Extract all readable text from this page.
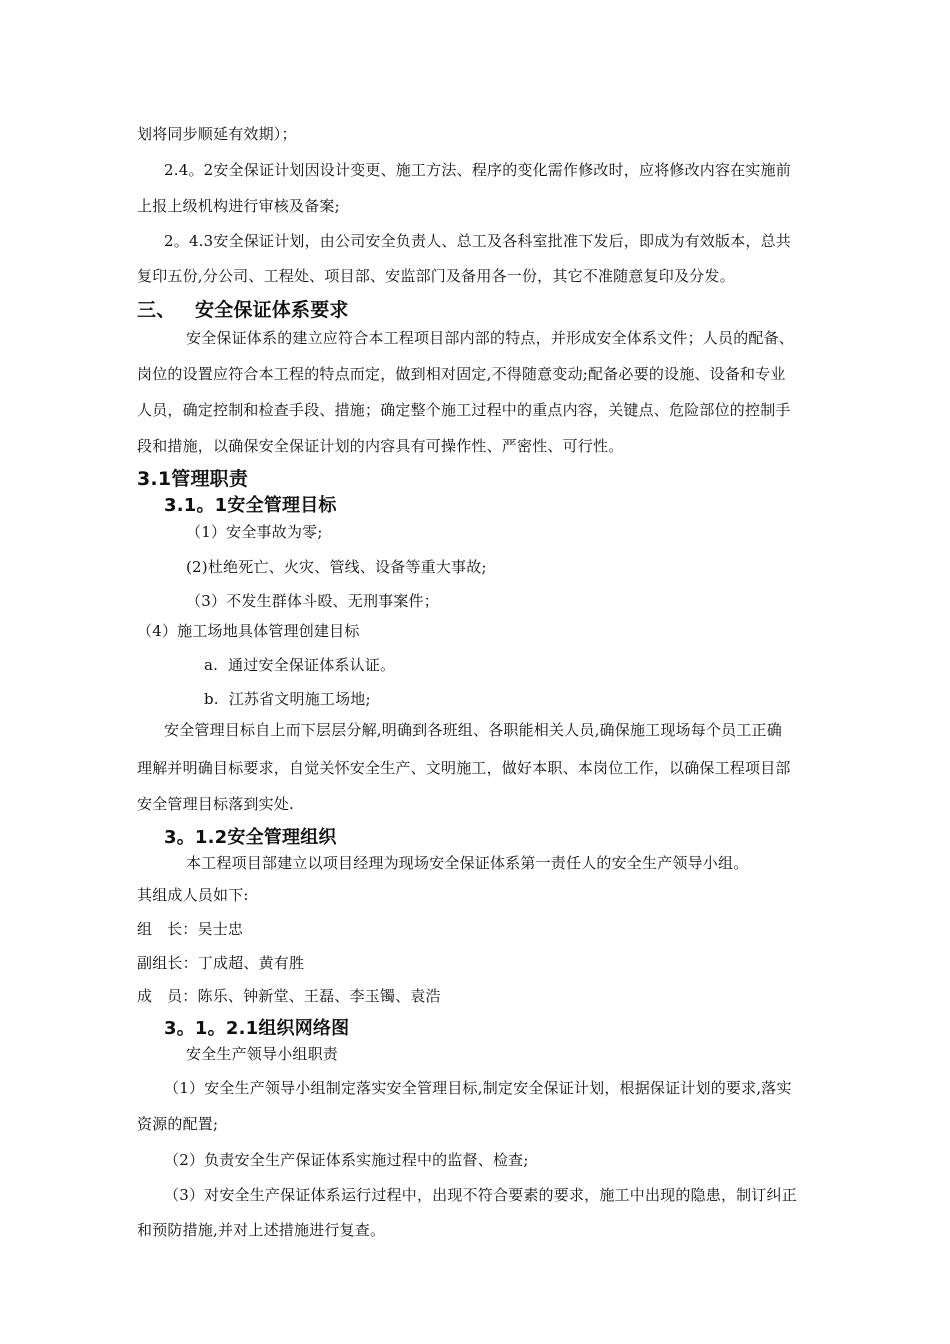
划将同步顺延有效期）；
2.4。2安全保证计划因设计变更、施工方法、程序的变化需作修改时，应将修改内容在实施前
上报上级机构进行审核及备案;
2。4.3安全保证计划，由公司安全负责人、总工及各科室批准下发后，即成为有效版本，总共
复印五份,分公司、工程处、项目部、安监部门及备用各一份，其它不准随意复印及分发。
三、 安全保证体系要求
安全保证体系的建立应符合本工程项目部内部的特点，并形成安全体系文件；人员的配备、
岗位的设置应符合本工程的特点而定，做到相对固定,不得随意变动;配备必要的设施、设备和专业
人员，确定控制和检查手段、措施；确定整个施工过程中的重点内容，关键点、危险部位的控制手
段和措施，以确保安全保证计划的内容具有可操作性、严密性、可行性。
3.1管理职责
3.1。1安全管理目标
（1）安全事故为零;
(2)杜绝死亡、火灾、管线、设备等重大事故;
（3）不发生群体斗殴、无刑事案件；
（4）施工场地具体管理创建目标
a.  通过安全保证体系认证。
b.  江苏省文明施工场地;
安全管理目标自上而下层层分解,明确到各班组、各职能相关人员,确保施工现场每个员工正确
理解并明确目标要求，自觉关怀安全生产、文明施工，做好本职、本岗位工作，以确保工程项目部
安全管理目标落到实处.
3。1.2安全管理组织
本工程项目部建立以项目经理为现场安全保证体系第一责任人的安全生产领导小组。
其组成人员如下:
组   长：吴士忠
副组长：丁成超、黄有胜
成   员：陈乐、钟新堂、王磊、李玉镯、袁浩
3。1。2.1组织网络图
安全生产领导小组职责
（1）安全生产领导小组制定落实安全管理目标,制定安全保证计划，根据保证计划的要求,落实
资源的配置;
（2）负责安全生产保证体系实施过程中的监督、检查;
（3）对安全生产保证体系运行过程中，出现不符合要素的要求，施工中出现的隐患，制订纠正
和预防措施,并对上述措施进行复查。
